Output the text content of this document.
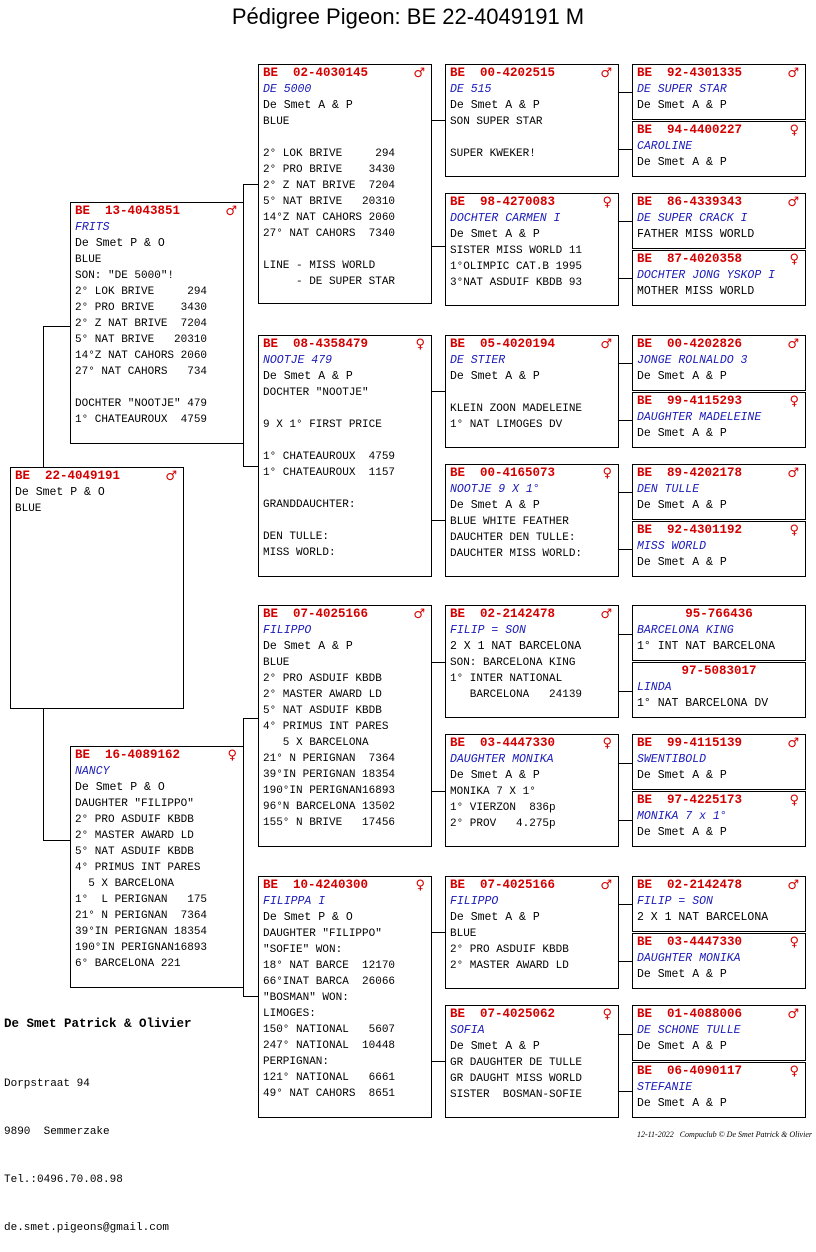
Pédigree Pigeon: BE 22-4049191 M
BE  22-4049191	♂
De Smet P & O
BLUE
BE  13-4043851	♂
FRITS
De Smet P & O
BLUE
SON: "DE 5000"!
2° LOK BRIVE     294
2° PRO BRIVE    3430
2° Z NAT BRIVE  7204
5° NAT BRIVE   20310
14°Z NAT CAHORS 2060
27° NAT CAHORS   734
DOCHTER "NOOTJE" 479
1° CHATEAUROUX  4759
BE  16-4089162	♀
NANCY
De Smet P & O
DAUGHTER "FILIPPO"
2° PRO ASDUIF KBDB
2° MASTER AWARD LD
5° NAT ASDUIF KBDB
4° PRIMUS INT PARES
5 X BARCELONA
1°  L PERIGNAN   175
21° N PERIGNAN  7364
39°IN PERIGNAN 18354
190°IN PERIGNAN16893
6° BARCELONA 221
BE  02-4030145	♂
DE 5000
De Smet A & P
BLUE
2° LOK BRIVE     294
2° PRO BRIVE    3430
2° Z NAT BRIVE  7204
5° NAT BRIVE   20310
14°Z NAT CAHORS 2060
27° NAT CAHORS  7340
LINE - MISS WORLD
- DE SUPER STAR
BE  08-4358479	♀
NOOTJE 479
De Smet A & P
DOCHTER "NOOTJE"
9 X 1° FIRST PRICE
1° CHATEAUROUX  4759
1° CHATEAUROUX  1157
GRANDDAUCHTER:
DEN TULLE:
MISS WORLD:
BE  07-4025166	♂
FILIPPO
De Smet A & P
BLUE
2° PRO ASDUIF KBDB
2° MASTER AWARD LD
5° NAT ASDUIF KBDB
4° PRIMUS INT PARES
5 X BARCELONA
21° N PERIGNAN  7364
39°IN PERIGNAN 18354
190°IN PERIGNAN16893
96°N BARCELONA 13502
155° N BRIVE   17456
BE  10-4240300	♀
FILIPPA I
De Smet P & O
DAUGHTER "FILIPPO"
"SOFIE" WON:
18° NAT BARCE  12170
66°INAT BARCA  26066
"BOSMAN" WON:
LIMOGES:
150° NATIONAL   5607
247° NATIONAL  10448
PERPIGNAN:
121° NATIONAL   6661
49° NAT CAHORS  8651
BE  00-4202515	♂
DE 515
De Smet A & P
SON SUPER STAR
SUPER KWEKER!
BE  98-4270083	♀
DOCHTER CARMEN I
De Smet A & P
SISTER MISS WORLD 11
1°OLIMPIC CAT.B 1995
3°NAT ASDUIF KBDB 93
BE  05-4020194	♂
DE STIER
De Smet A & P
KLEIN ZOON MADELEINE
1° NAT LIMOGES DV
BE  00-4165073	♀
NOOTJE 9 X 1°
De Smet A & P
BLUE WHITE FEATHER
DAUCHTER DEN TULLE:
DAUCHTER MISS WORLD:
BE  02-2142478	♂
FILIP = SON
2 X 1 NAT BARCELONA
SON: BARCELONA KING
1° INTER NATIONAL
BARCELONA   24139
BE  03-4447330	♀
DAUGHTER MONIKA
De Smet A & P
MONIKA 7 X 1°
1° VIERZON  836p
2° PROV   4.275p
BE  07-4025166	♂
FILIPPO
De Smet A & P
BLUE
2° PRO ASDUIF KBDB
2° MASTER AWARD LD
BE  07-4025062	♀
SOFIA
De Smet A & P
GR DAUGHTER DE TULLE
GR DAUGHT MISS WORLD
SISTER  BOSMAN-SOFIE
BE  92-4301335	♂
DE SUPER STAR
De Smet A & P
BE  94-4400227	♀
CAROLINE
De Smet A & P
BE  86-4339343	♂
DE SUPER CRACK I
FATHER MISS WORLD
BE  87-4020358	♀
DOCHTER JONG YSKOP I
MOTHER MISS WORLD
BE  00-4202826	♂
JONGE ROLNALDO 3
De Smet A & P
BE  99-4115293	♀
DAUGHTER MADELEINE
De Smet A & P
BE  89-4202178	♂
DEN TULLE
De Smet A & P
BE  92-4301192	♀
MISS WORLD
De Smet A & P
95-766436
BARCELONA KING
1° INT NAT BARCELONA
97-5083017
LINDA
1° NAT BARCELONA DV
BE  99-4115139	♂
SWENTIBOLD
De Smet A & P
BE  97-4225173	♀
MONIKA 7 x 1°
De Smet A & P
BE  02-2142478	♂
FILIP = SON
2 X 1 NAT BARCELONA
BE  03-4447330	♀
DAUGHTER MONIKA
De Smet A & P
BE  01-4088006	♂
DE SCHONE TULLE
De Smet A & P
BE  06-4090117	♀
STEFANIE
De Smet A & P
De Smet Patrick & Olivier

Dorpstraat 94

9890  Semmerzake

Tel.:0496.70.08.98

de.smet.pigeons@gmail.com

12-11-2022   Compuclub © De Smet Patrick & Olivier
